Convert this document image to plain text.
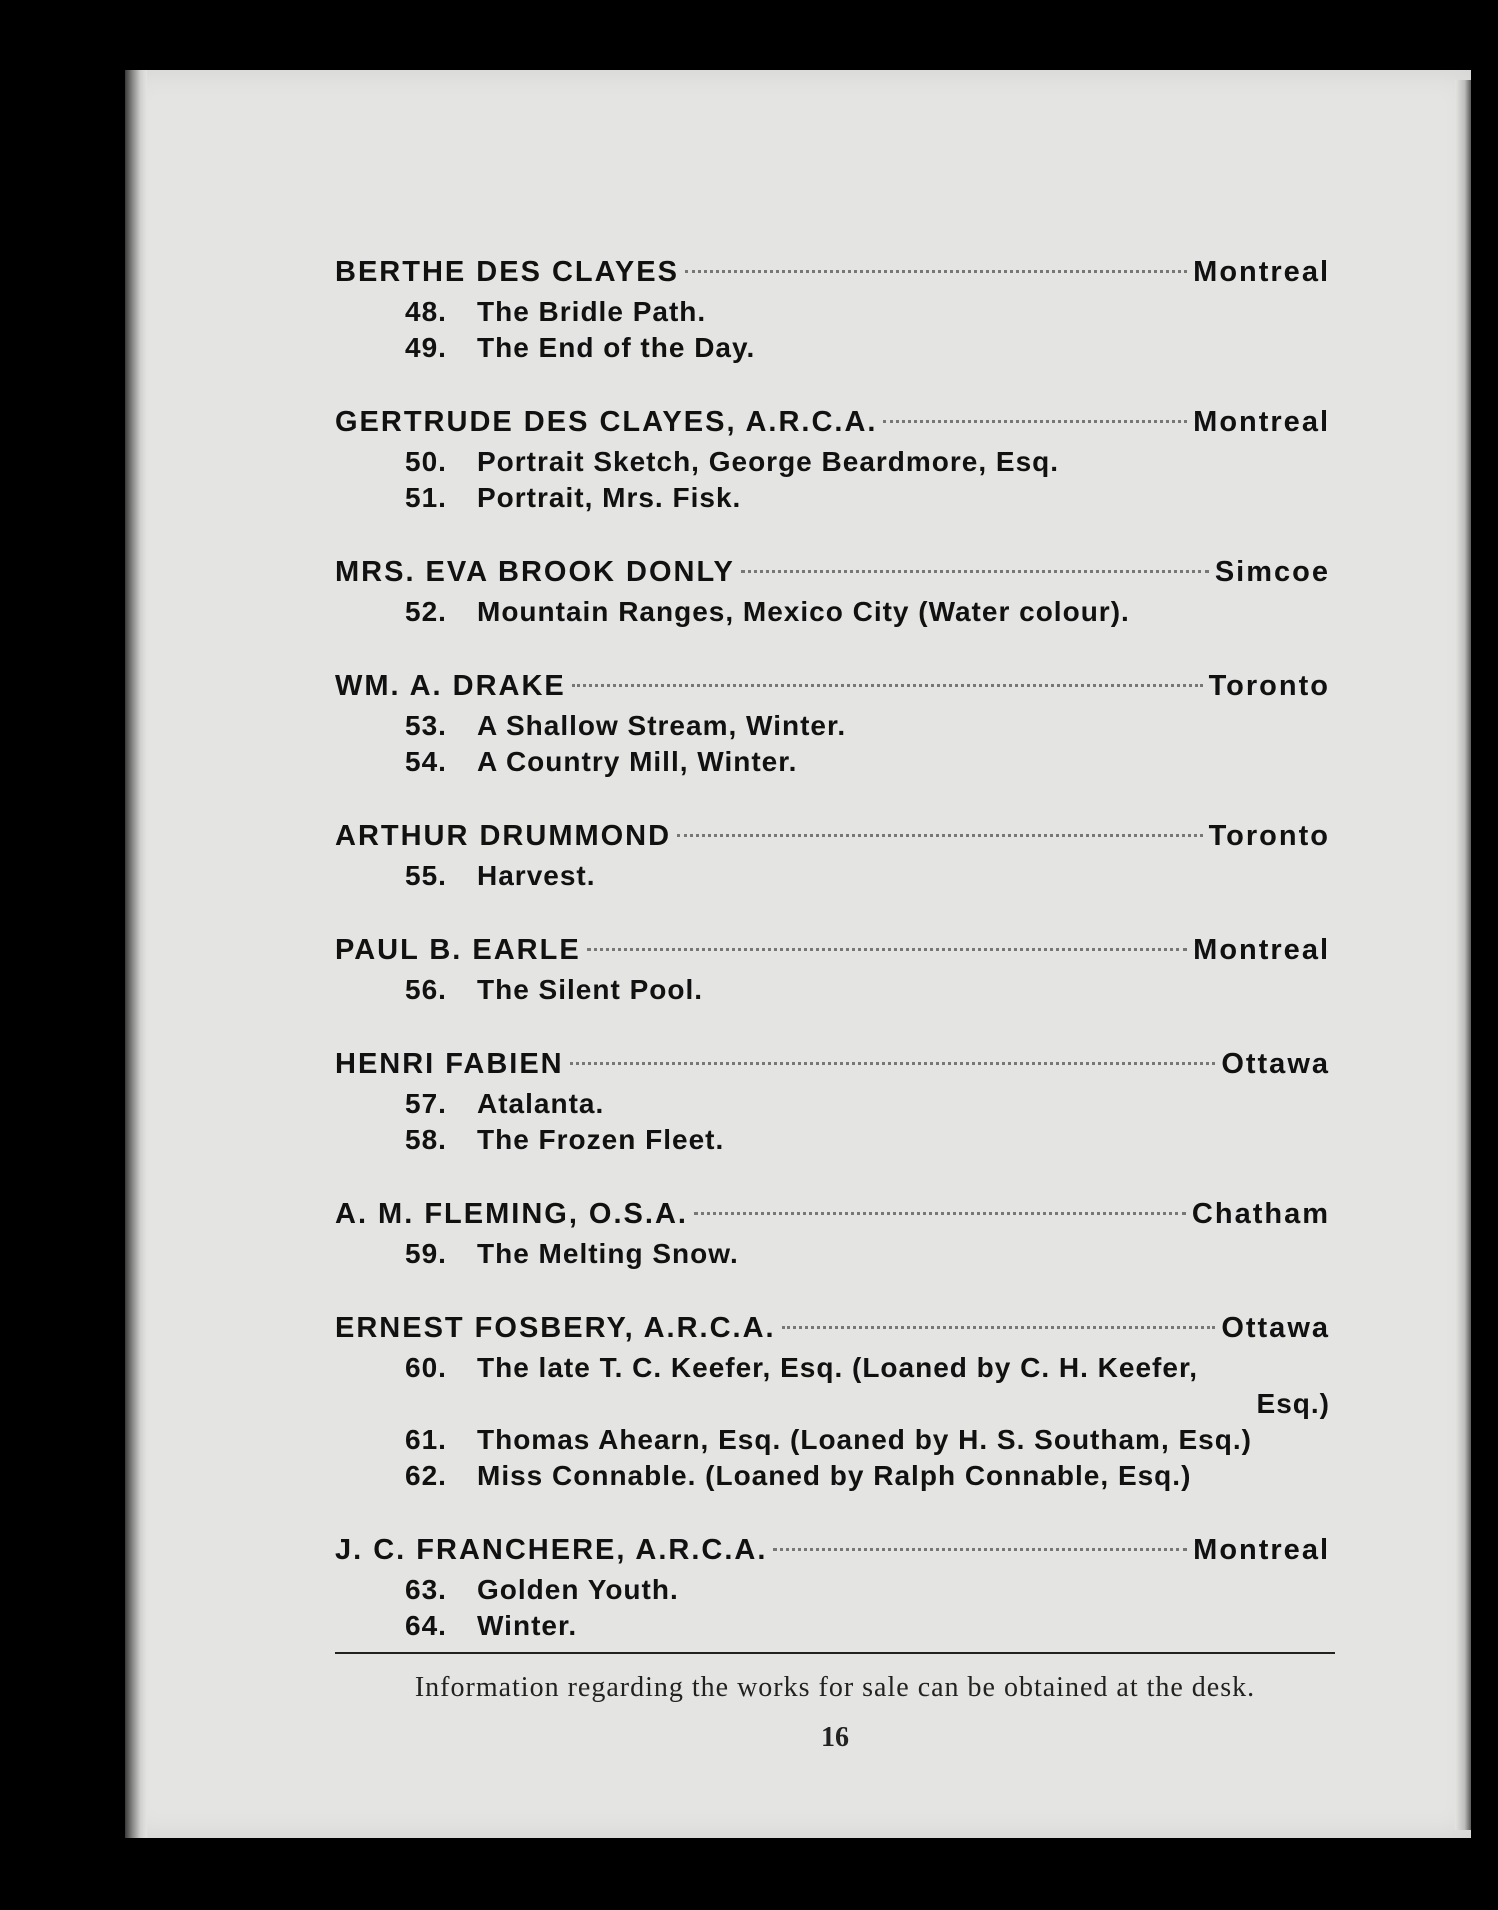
BERTHE DES CLAYES	Montreal
48.	The Bridle Path.
49.	The End of the Day.
GERTRUDE DES CLAYES, A.R.C.A.	Montreal
50.	Portrait Sketch, George Beardmore, Esq.
51.	Portrait, Mrs. Fisk.
MRS. EVA BROOK DONLY	Simcoe
52.	Mountain Ranges, Mexico City (Water colour).
WM. A. DRAKE	Toronto
53.	A Shallow Stream, Winter.
54.	A Country Mill, Winter.
ARTHUR DRUMMOND	Toronto
55.	Harvest.
PAUL B. EARLE	Montreal
56.	The Silent Pool.
HENRI FABIEN	Ottawa
57.	Atalanta.
58.	The Frozen Fleet.
A. M. FLEMING, O.S.A.	Chatham
59.	The Melting Snow.
ERNEST FOSBERY, A.R.C.A.	Ottawa
60.	The late T. C. Keefer, Esq. (Loaned by C. H. Keefer,
Esq.)
61.	Thomas Ahearn, Esq. (Loaned by H. S. Southam, Esq.)
62.	Miss Connable. (Loaned by Ralph Connable, Esq.)
J. C. FRANCHERE, A.R.C.A.	Montreal
63.	Golden Youth.
64.	Winter.
Information regarding the works for sale can be obtained at the desk.
16
